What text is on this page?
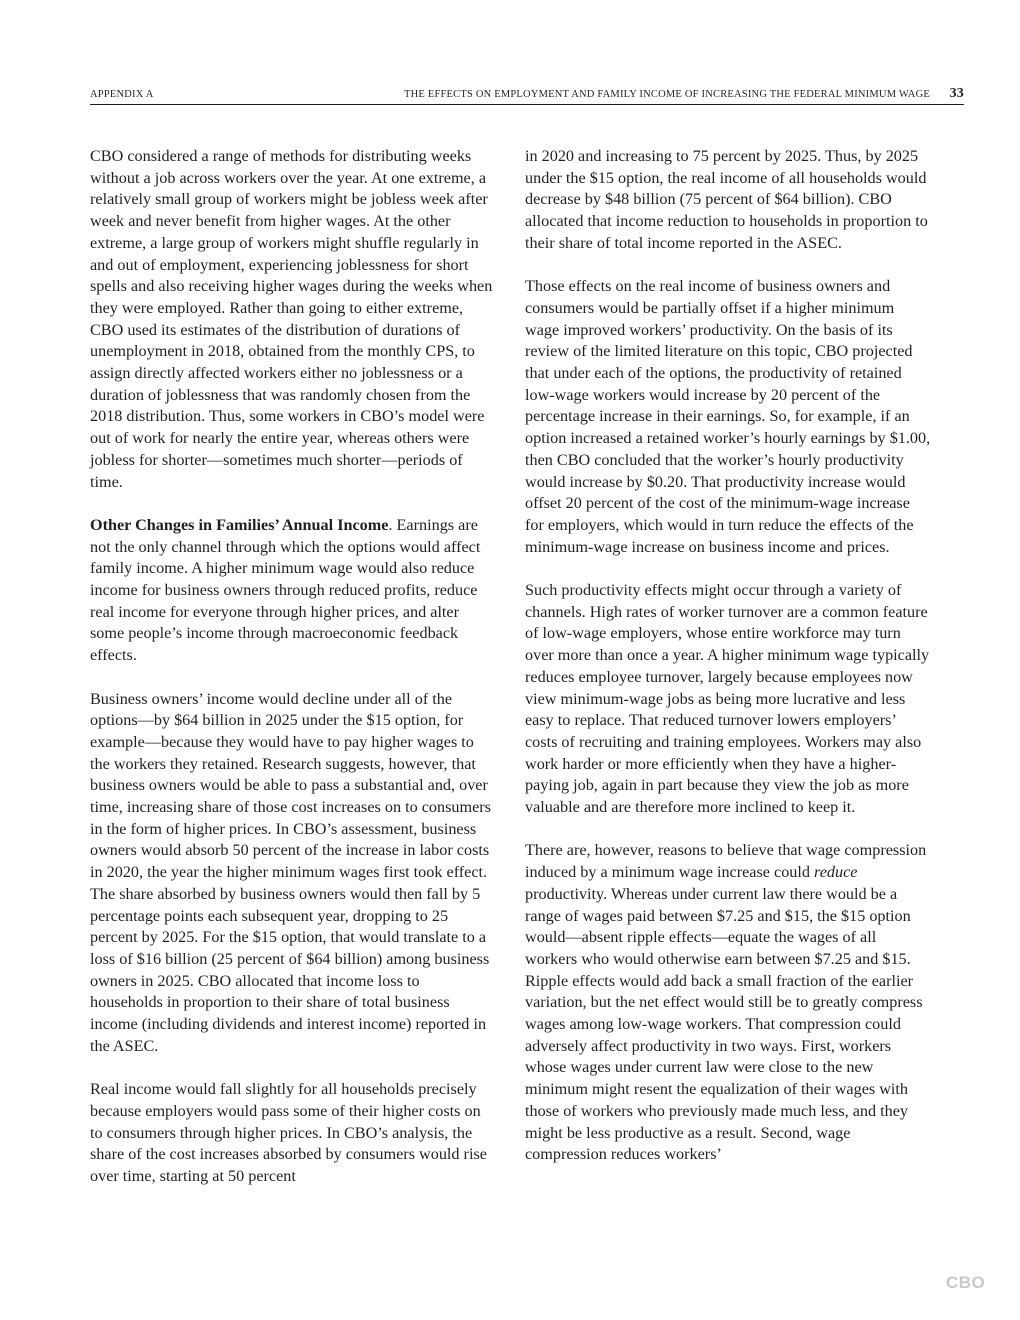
APPENDIX A	THE EFFECTS ON EMPLOYMENT AND FAMILY INCOME OF INCREASING THE FEDERAL MINIMUM WAGE 33

CBO considered a range of methods for distributing weeks without a job across workers over the year. At one extreme, a relatively small group of workers might be jobless week after week and never benefit from higher wages. At the other extreme, a large group of workers might shuffle regularly in and out of employment, experiencing joblessness for short spells and also receiving higher wages during the weeks when they were employed. Rather than going to either extreme, CBO used its estimates of the distribution of durations of unemployment in 2018, obtained from the monthly CPS, to assign directly affected workers either no joblessness or a duration of joblessness that was randomly chosen from the 2018 distribution. Thus, some workers in CBO’s model were out of work for nearly the entire year, whereas others were jobless for shorter—sometimes much shorter—periods of time.

Other Changes in Families’ Annual Income. Earnings are not the only channel through which the options would affect family income. A higher minimum wage would also reduce income for business owners through reduced profits, reduce real income for everyone through higher prices, and alter some people’s income through macroeconomic feedback effects.

Business owners’ income would decline under all of the options—by $64 billion in 2025 under the $15 option, for example—because they would have to pay higher wages to the workers they retained. Research suggests, however, that business owners would be able to pass a substantial and, over time, increasing share of those cost increases on to consumers in the form of higher prices. In CBO’s assessment, business owners would absorb 50 percent of the increase in labor costs in 2020, the year the higher minimum wages first took effect. The share absorbed by business owners would then fall by 5 percentage points each subsequent year, dropping to 25 percent by 2025. For the $15 option, that would translate to a loss of $16 billion (25 percent of $64 billion) among business owners in 2025. CBO allocated that income loss to households in proportion to their share of total business income (including dividends and interest income) reported in the ASEC.

Real income would fall slightly for all households precisely because employers would pass some of their higher costs on to consumers through higher prices. In CBO’s analysis, the share of the cost increases absorbed by consumers would rise over time, starting at 50 percent

in 2020 and increasing to 75 percent by 2025. Thus, by 2025 under the $15 option, the real income of all households would decrease by $48 billion (75 percent of $64 billion). CBO allocated that income reduction to households in proportion to their share of total income reported in the ASEC.

Those effects on the real income of business owners and consumers would be partially offset if a higher minimum wage improved workers’ productivity. On the basis of its review of the limited literature on this topic, CBO projected that under each of the options, the productivity of retained low-wage workers would increase by 20 percent of the percentage increase in their earnings. So, for example, if an option increased a retained worker’s hourly earnings by $1.00, then CBO concluded that the worker’s hourly productivity would increase by $0.20. That productivity increase would offset 20 percent of the cost of the minimum-wage increase for employers, which would in turn reduce the effects of the minimum-wage increase on business income and prices.

Such productivity effects might occur through a variety of channels. High rates of worker turnover are a common feature of low-wage employers, whose entire workforce may turn over more than once a year. A higher minimum wage typically reduces employee turnover, largely because employees now view minimum-wage jobs as being more lucrative and less easy to replace. That reduced turnover lowers employers’ costs of recruiting and training employees. Workers may also work harder or more efficiently when they have a higher-paying job, again in part because they view the job as more valuable and are therefore more inclined to keep it.

There are, however, reasons to believe that wage compression induced by a minimum wage increase could reduce productivity. Whereas under current law there would be a range of wages paid between $7.25 and $15, the $15 option would—absent ripple effects—equate the wages of all workers who would otherwise earn between $7.25 and $15. Ripple effects would add back a small fraction of the earlier variation, but the net effect would still be to greatly compress wages among low-wage workers. That compression could adversely affect productivity in two ways. First, workers whose wages under current law were close to the new minimum might resent the equalization of their wages with those of workers who previously made much less, and they might be less productive as a result. Second, wage compression reduces workers’

CBO
